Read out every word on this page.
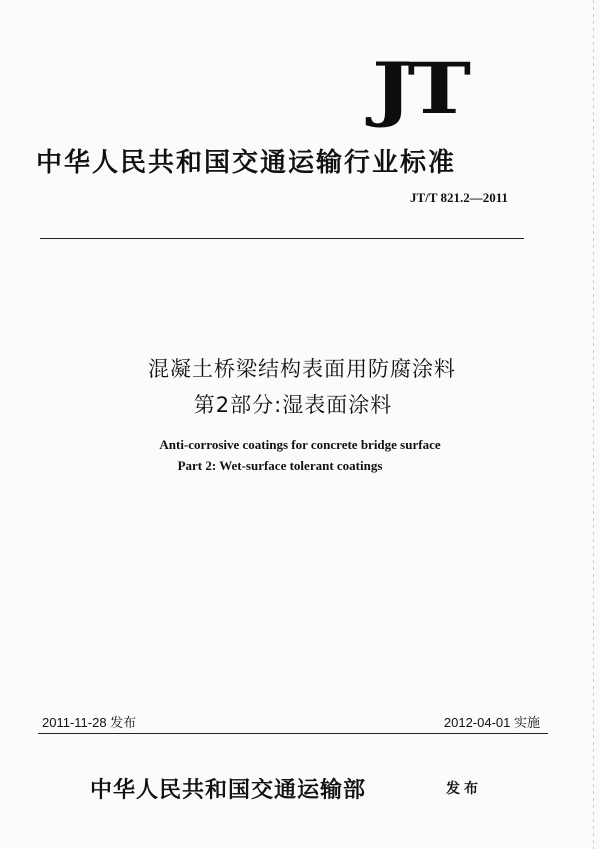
JT
中华人民共和国交通运输行业标准
JT/T 821.2—2011
混凝土桥梁结构表面用防腐涂料
第2部分:湿表面涂料
Anti-corrosive coatings for concrete bridge surface
Part 2: Wet-surface tolerant coatings
2011-11-28 发布	2012-04-01 实施
中华人民共和国交通运输部	发布
